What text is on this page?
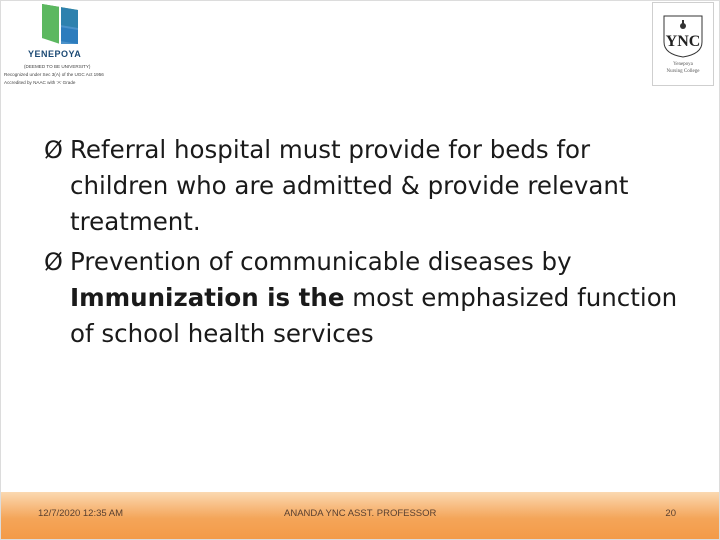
YENEPOYA
(DEEMED TO BE UNIVERSITY)
Recognized under Sec 3(A) of the UGC Act 1956
Accredited by NAAC with 'A' Grade
YNC
Yenepoya
Nursing College
Ø Referral hospital must provide for beds for children who are admitted & provide relevant treatment.
Ø Prevention of communicable diseases by Immunization is the most emphasized function of school health services
12/7/2020 12:35 AM	ANANDA YNC ASST. PROFESSOR	20
